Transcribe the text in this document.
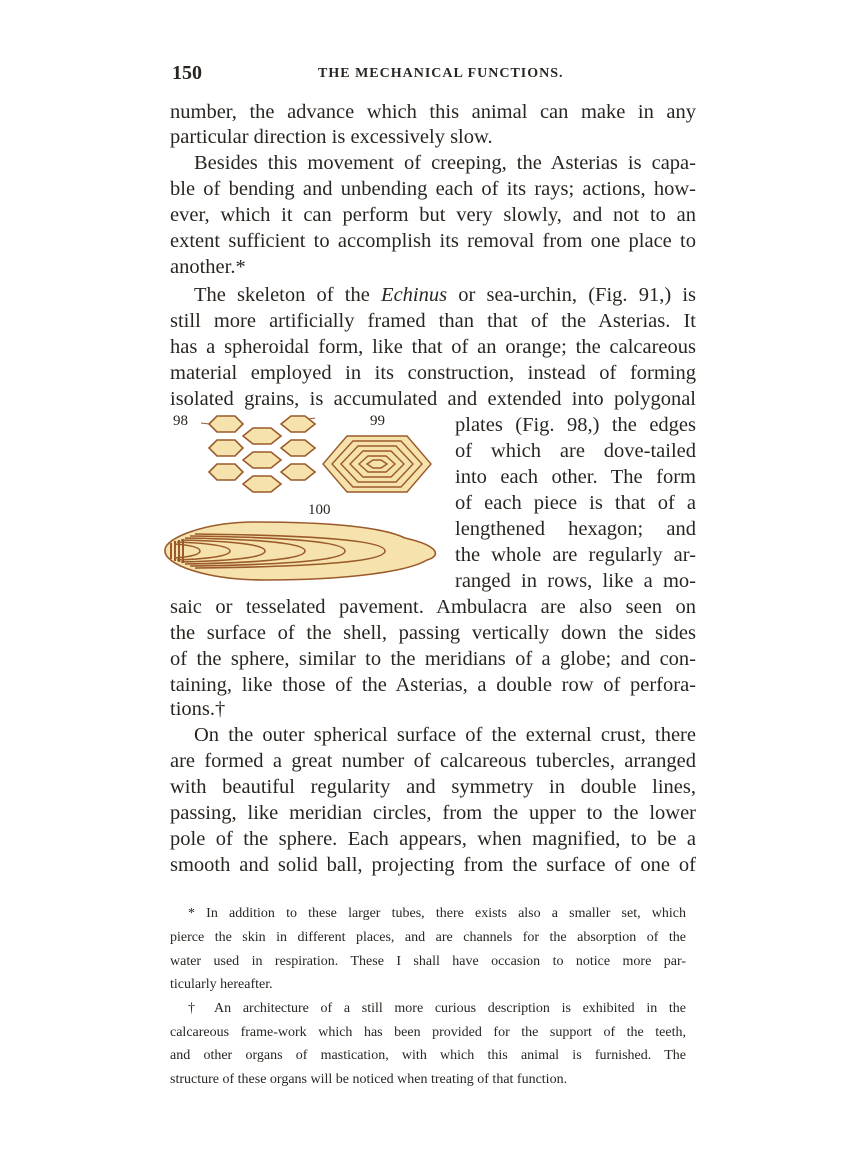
150	THE MECHANICAL FUNCTIONS.
number, the advance which this animal can make in any
particular direction is excessively slow.
Besides this movement of creeping, the Asterias is capa-
ble of bending and unbending each of its rays; actions, how-
ever, which it can perform but very slowly, and not to an
extent sufficient to accomplish its removal from one place to
another.*
The skeleton of the Echinus or sea-urchin, (Fig. 91,) is
still more artificially framed than that of the Asterias. It
has a spheroidal form, like that of an orange; the calcareous
material employed in its construction, instead of forming
isolated grains, is accumulated and extended into polygonal
plates (Fig. 98,) the edges
of which are dove-tailed
into each other. The form
of each piece is that of a
lengthened hexagon; and
the whole are regularly ar-
ranged in rows, like a mo-
saic or tesselated pavement. Ambulacra are also seen on
the surface of the shell, passing vertically down the sides
of the sphere, similar to the meridians of a globe; and con-
taining, like those of the Asterias, a double row of perfora-
tions.†
On the outer spherical surface of the external crust, there
are formed a great number of calcareous tubercles, arranged
with beautiful regularity and symmetry in double lines,
passing, like meridian circles, from the upper to the lower
pole of the sphere. Each appears, when magnified, to be a
smooth and solid ball, projecting from the surface of one of
98	99
100
* In addition to these larger tubes, there exists also a smaller set, which
pierce the skin in different places, and are channels for the absorption of the
water used in respiration. These I shall have occasion to notice more par-
ticularly hereafter.
† An architecture of a still more curious description is exhibited in the
calcareous frame-work which has been provided for the support of the teeth,
and other organs of mastication, with which this animal is furnished. The
structure of these organs will be noticed when treating of that function.
